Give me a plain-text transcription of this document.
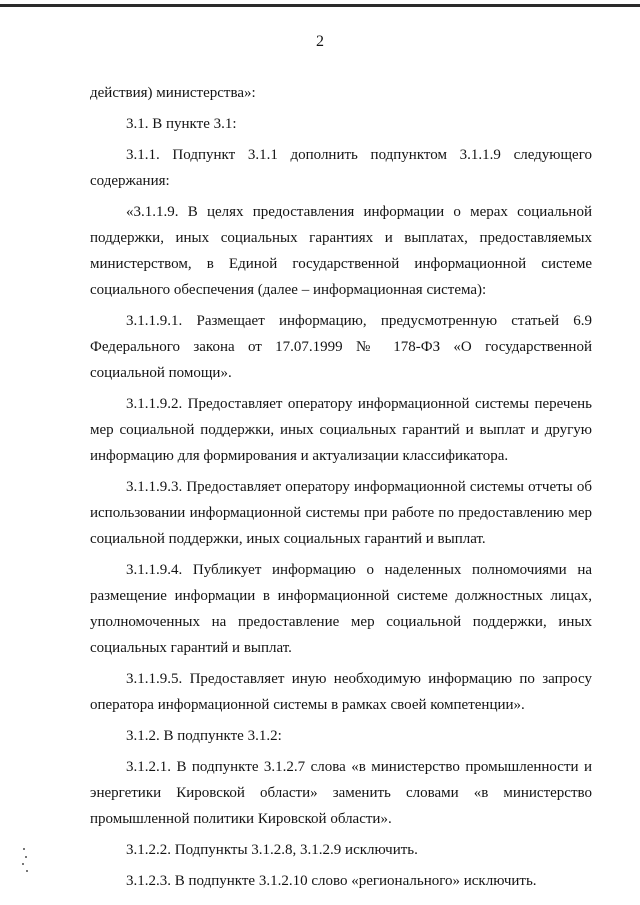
2

действия) министерства»:

3.1. В пункте 3.1:

3.1.1. Подпункт 3.1.1 дополнить подпунктом 3.1.1.9 следующего содержания:

«3.1.1.9. В целях предоставления информации о мерах социальной поддержки, иных социальных гарантиях и выплатах, предоставляемых министерством, в Единой государственной информационной системе социального обеспечения (далее – информационная система):

3.1.1.9.1. Размещает информацию, предусмотренную статьей 6.9 Федерального закона от 17.07.1999 № 178-ФЗ «О государственной социальной помощи».

3.1.1.9.2. Предоставляет оператору информационной системы перечень мер социальной поддержки, иных социальных гарантий и выплат и другую информацию для формирования и актуализации классификатора.

3.1.1.9.3. Предоставляет оператору информационной системы отчеты об использовании информационной системы при работе по предоставлению мер социальной поддержки, иных социальных гарантий и выплат.

3.1.1.9.4. Публикует информацию о наделенных полномочиями на размещение информации в информационной системе должностных лицах, уполномоченных на предоставление мер социальной поддержки, иных социальных гарантий и выплат.

3.1.1.9.5. Предоставляет иную необходимую информацию по запросу оператора информационной системы в рамках своей компетенции».

3.1.2. В подпункте 3.1.2:

3.1.2.1. В подпункте 3.1.2.7 слова «в министерство промышленности и энергетики Кировской области» заменить словами «в министерство промышленной политики Кировской области».

3.1.2.2. Подпункты 3.1.2.8, 3.1.2.9 исключить.

3.1.2.3. В подпункте 3.1.2.10 слово «регионального» исключить.
